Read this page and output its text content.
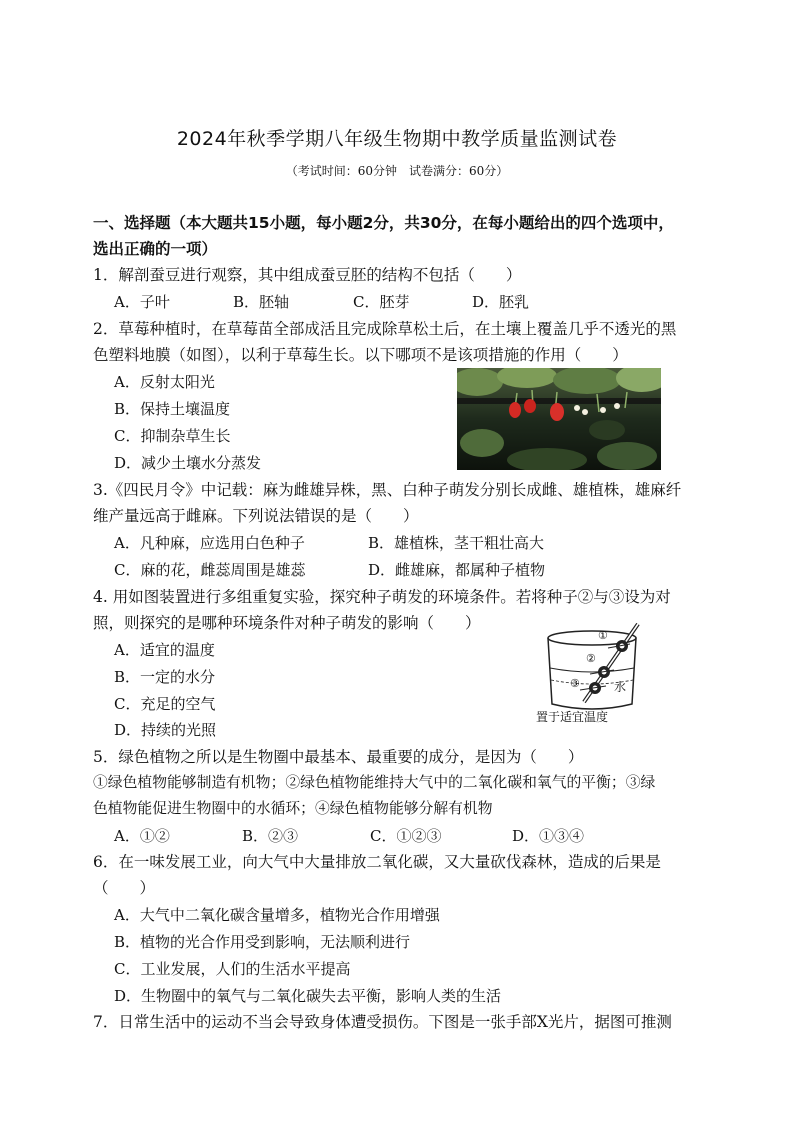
2024年秋季学期八年级生物期中教学质量监测试卷
（考试时间：60分钟　试卷满分：60分）
一、选择题（本大题共15小题，每小题2分，共30分，在每小题给出的四个选项中，
选出正确的一项）
1．解剖蚕豆进行观察，其中组成蚕豆胚的结构不包括（　　）
A．子叶	B．胚轴	C．胚芽	D．胚乳
2．草莓种植时，在草莓苗全部成活且完成除草松土后，在土壤上覆盖几乎不透光的黑
色塑料地膜（如图），以利于草莓生长。以下哪项不是该项措施的作用（　　）
A．反射太阳光
B．保持土壤温度
C．抑制杂草生长
D．减少土壤水分蒸发
3.《四民月令》中记载：麻为雌雄异株，黑、白种子萌发分别长成雌、雄植株，雄麻纤
维产量远高于雌麻。下列说法错误的是（　　）
A．凡种麻，应选用白色种子	B．雄植株，茎干粗壮高大
C．麻的花，雌蕊周围是雄蕊	D．雌雄麻，都属种子植物
4. 用如图装置进行多组重复实验，探究种子萌发的环境条件。若将种子②与③设为对
照，则探究的是哪种环境条件对种子萌发的影响（　　）
A．适宜的温度
B．一定的水分
C．充足的空气
D．持续的光照
①
②
③	水
置于适宜温度
5．绿色植物之所以是生物圈中最基本、最重要的成分，是因为（　　）
①绿色植物能够制造有机物；②绿色植物能维持大气中的二氧化碳和氧气的平衡；③绿
色植物能促进生物圈中的水循环；④绿色植物能够分解有机物
A．①②	B．②③	C．①②③	D．①③④
6．在一味发展工业，向大气中大量排放二氧化碳，又大量砍伐森林，造成的后果是
（　　）
A．大气中二氧化碳含量增多，植物光合作用增强
B．植物的光合作用受到影响，无法顺利进行
C．工业发展，人们的生活水平提高
D．生物圈中的氧气与二氧化碳失去平衡，影响人类的生活
7．日常生活中的运动不当会导致身体遭受损伤。下图是一张手部X光片，据图可推测
